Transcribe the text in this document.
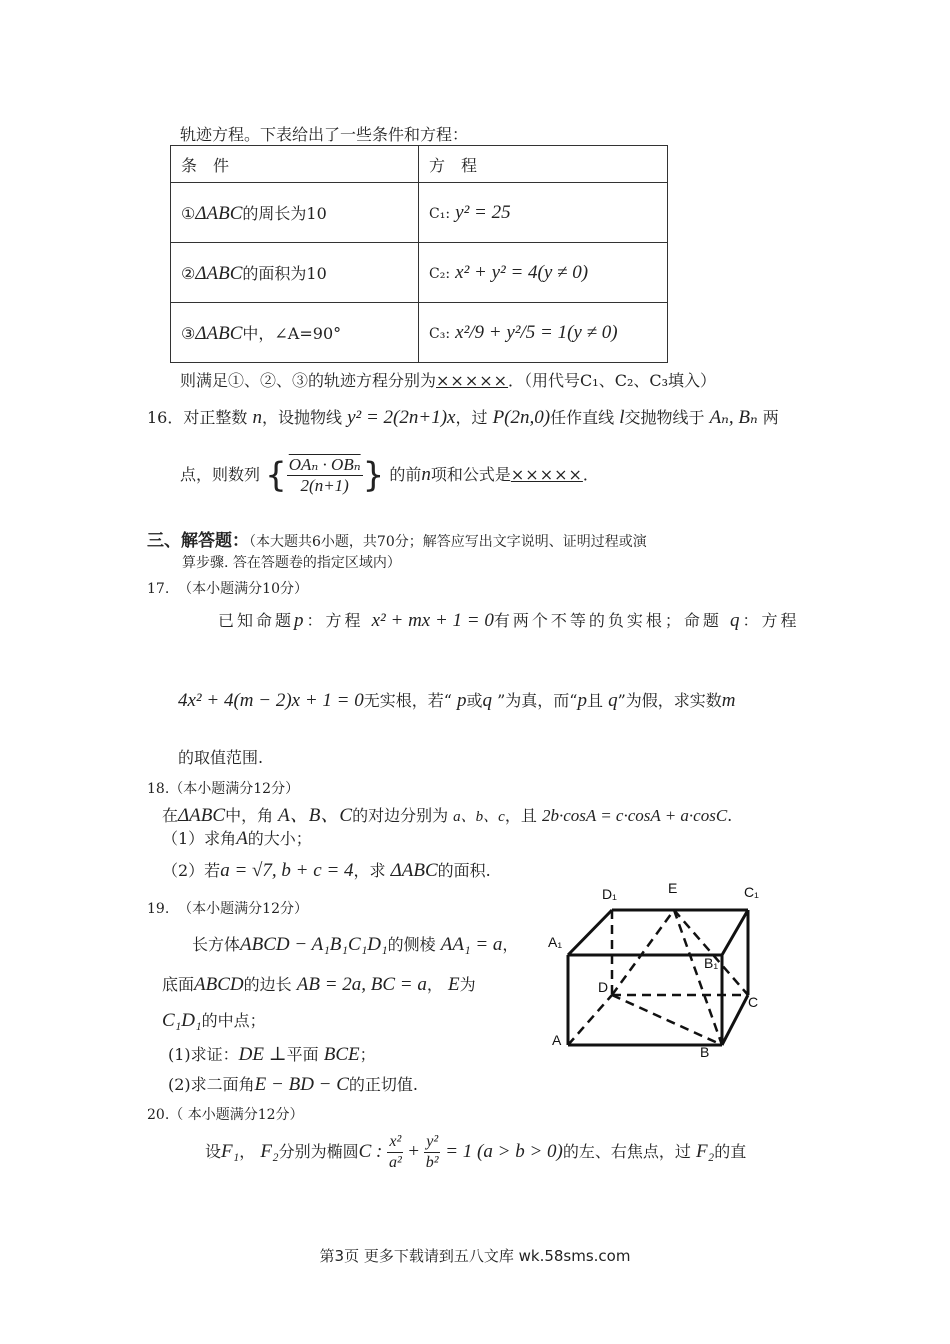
轨迹方程。下表给出了一些条件和方程：
条　件	方　程
①ΔABC的周长为10	C₁: y² = 25
②ΔABC的面积为10	C₂: x² + y² = 4(y ≠ 0)
③ΔABC中，∠A=90°	C₃: x²/9 + y²/5 = 1(y ≠ 0)
则满足①、②、③的轨迹方程分别为×××××．（用代号C₁、C₂、C₃填入）
16．对正整数 n，设抛物线 y² = 2(2n+1)x，过 P(2n,0)任作直线 l交抛物线于 Aₙ, Bₙ 两
点，则数列 { $\frac{\text{OAₙ · OBₙ}}{2(n+1)}$ } 的前n项和公式是×××××．
三、解答题：（本大题共6小题，共70分；解答应写出文字说明、证明过程或演
算步骤. 答在答题卷的指定区域内）
17. （本小题满分10分）
已知命题p：方程 x² + mx + 1 = 0有两个不等的负实根；命题 q：方程
4x² + 4(m − 2)x + 1 = 0无实根，若“ p或q ”为真，而“p且 q”为假，求实数m
的取值范围.
18.（本小题满分12分）
在ΔABC中，角 A、B、C的对边分别为 a、b、c，且 2b·cosA = c·cosA + a·cosC.
（1）求角A的大小；
（2）若a = √7, b + c = 4，求 ΔABC的面积.
19. （本小题满分12分）
长方体ABCD − A₁B₁C₁D₁的侧棱 AA₁ = a，
底面ABCD的边长 AB = 2a, BC = a， E为
C₁D₁的中点；
(1)求证：DE ⊥平面 BCE；
(2)求二面角E − BD − C的正切值.
D₁	E	C₁
A₁
B₁
D
C
A
B
20.（ 本小题满分12分）
设F₁， F₂分别为椭圆C : $\frac{\text{x²}}{\text{a²}} + \frac{\text{y²}}{\text{b²}} = 1$ (a > b > 0)的左、右焦点，过 F₂的直
第3页 更多下载请到五八文库 wk.58sms.com
